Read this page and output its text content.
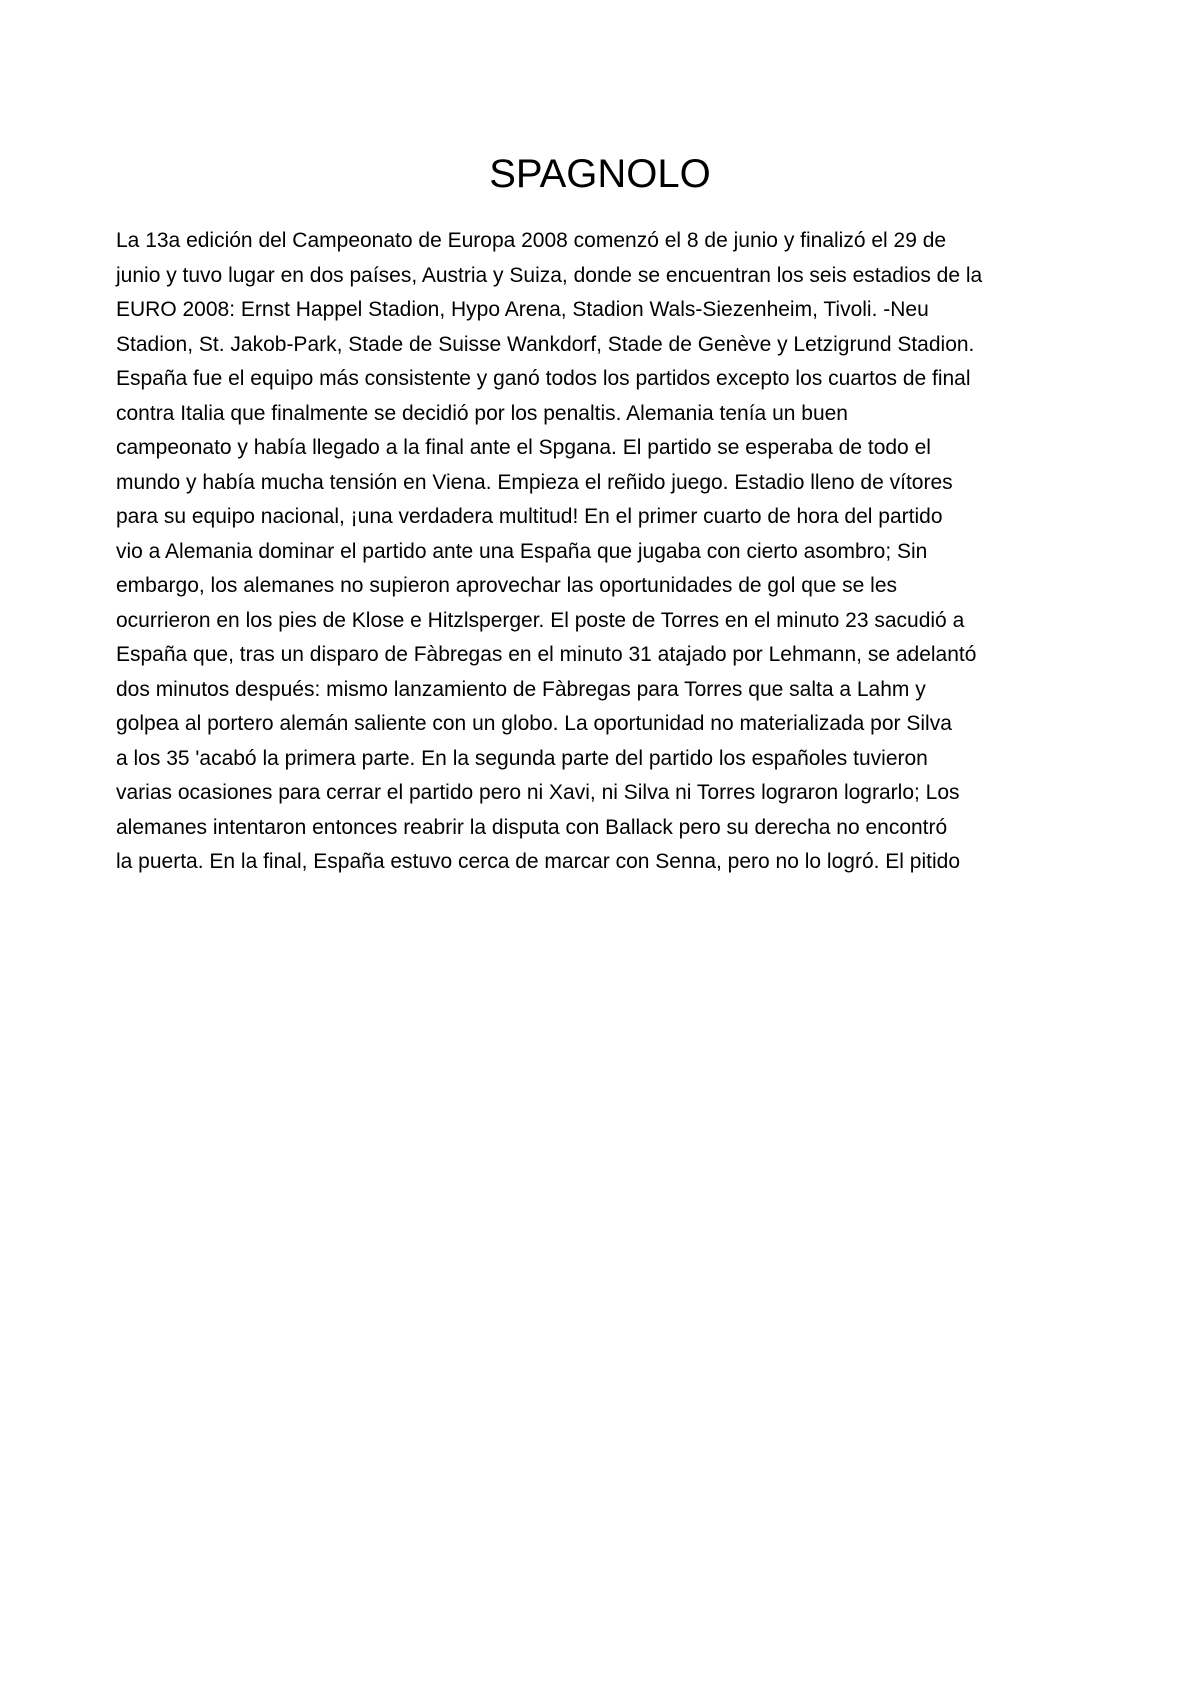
SPAGNOLO

La 13a edición del Campeonato de Europa 2008 comenzó el 8 de junio y finalizó el 29 de

junio y tuvo lugar en dos países, Austria y Suiza, donde se encuentran los seis estadios de la

EURO 2008: Ernst Happel Stadion, Hypo Arena, Stadion Wals-Siezenheim, Tivoli. -Neu

Stadion, St. Jakob-Park, Stade de Suisse Wankdorf, Stade de Genève y Letzigrund Stadion.

España fue el equipo más consistente y ganó todos los partidos excepto los cuartos de final

contra Italia que finalmente se decidió por los penaltis. Alemania tenía un buen

campeonato y había llegado a la final ante el Spgana. El partido se esperaba de todo el

mundo y había mucha tensión en Viena. Empieza el reñido juego. Estadio lleno de vítores

para su equipo nacional, ¡una verdadera multitud! En el primer cuarto de hora del partido

vio a Alemania dominar el partido ante una España que jugaba con cierto asombro; Sin

embargo, los alemanes no supieron aprovechar las oportunidades de gol que se les

ocurrieron en los pies de Klose e Hitzlsperger. El poste de Torres en el minuto 23 sacudió a

España que, tras un disparo de Fàbregas en el minuto 31 atajado por Lehmann, se adelantó

dos minutos después: mismo lanzamiento de Fàbregas para Torres que salta a Lahm y

golpea al portero alemán saliente con un globo. La oportunidad no materializada por Silva

a los 35 'acabó la primera parte. En la segunda parte del partido los españoles tuvieron

varias ocasiones para cerrar el partido pero ni Xavi, ni Silva ni Torres lograron lograrlo; Los

alemanes intentaron entonces reabrir la disputa con Ballack pero su derecha no encontró

la puerta. En la final, España estuvo cerca de marcar con Senna, pero no lo logró. El pitido
